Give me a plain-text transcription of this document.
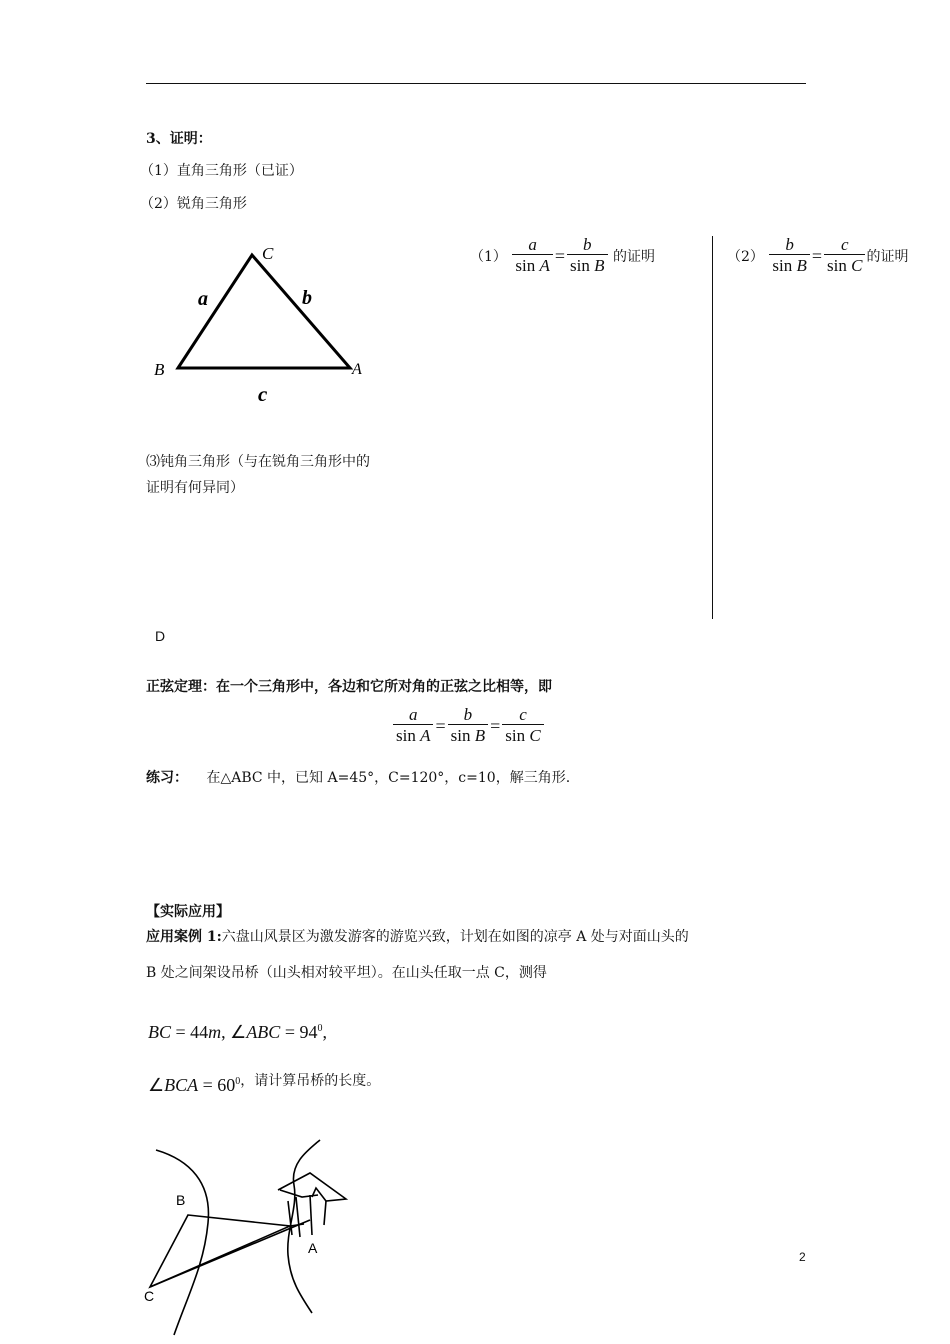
3、证明：
（1）直角三角形（已证）
（2）锐角三角形
C
A
B
a	b
c
$(1) \frac{a}{\text{sin A}} = \frac{b}{\text{sin B}}$ 的证明	$(2) \frac{b}{\text{sin B}} = \frac{c}{\text{sin C}}$ 的证明
⑶钝角三角形（与在锐角三角形中的
证明有何异同）
D
正弦定理：在一个三角形中，各边和它所对角的正弦之比相等，即
$\frac{a}{\text{sin A}} = \frac{b}{\text{sin B}} = \frac{c}{\text{sin C}}$
练习： 在△ABC 中，已知 A=45°，C=120°，c=10，解三角形.
【实际应用】
应用案例 1:六盘山风景区为激发游客的游览兴致，计划在如图的凉亭 A 处与对面山头的
B 处之间架设吊桥（山头相对较平坦）。在山头任取一点 C，测得
BC = 44m, ∠ABC = $94^0$,
∠BCA = $60^0$，请计算吊桥的长度。
B
A
C
2
